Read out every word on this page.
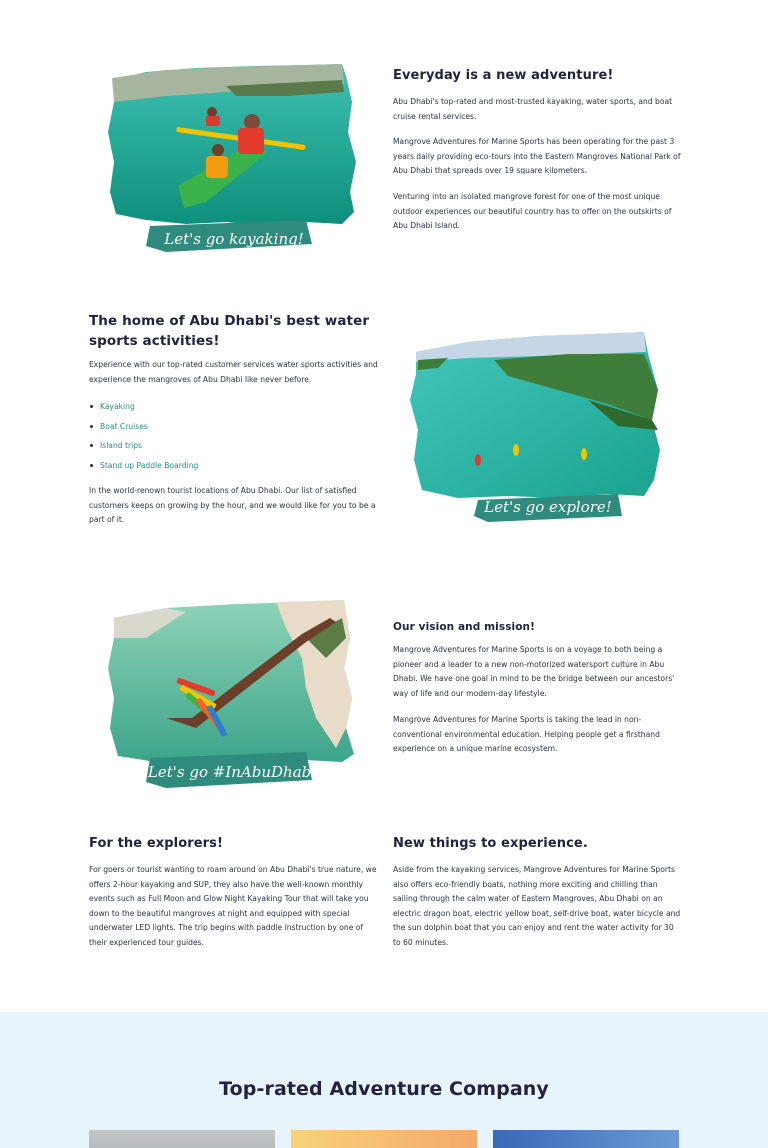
Let's go kayaking!
Everyday is a new adventure!

Abu Dhabi's top-rated and most-trusted kayaking, water sports, and boat cruise rental services.

Mangrove Adventures for Marine Sports has been operating for the past 3 years daily providing eco-tours into the Eastern Mangroves National Park of Abu Dhabi that spreads over 19 square kilometers.

Venturing into an isolated mangrove forest for one of the most unique outdoor experiences our beautiful country has to offer on the outskirts of Abu Dhabi Island.

The home of Abu Dhabi's best water sports activities!

Experience with our top-rated customer services water sports activities and experience the mangroves of Abu Dhabi like never before.

Kayaking
Boat Cruises
Island trips
Stand up Paddle Boarding

In the world-renown tourist locations of Abu Dhabi. Our list of satisfied customers keeps on growing by the hour, and we would like for you to be a part of it.

Let's go explore!
Let's go #InAbuDhabi
Our vision and mission!

Mangrove Adventures for Marine Sports is on a voyage to both being a pioneer and a leader to a new non-motorized watersport culture in Abu Dhabi. We have one goal in mind to be the bridge between our ancestors' way of life and our modern-day lifestyle.

Mangrove Adventures for Marine Sports is taking the lead in non-conventional environmental education. Helping people get a firsthand experience on a unique marine ecosystem.

For the explorers!

For goers or tourist wanting to roam around on Abu Dhabi's true nature, we offers 2-hour kayaking and SUP, they also have the well-known monthly events such as Full Moon and Glow Night Kayaking Tour that will take you down to the beautiful mangroves at night and equipped with special underwater LED lights. The trip begins with paddle instruction by one of their experienced tour guides.

New things to experience.

Aside from the kayaking services, Mangrove Adventures for Marine Sports also offers eco-friendly boats, nothing more exciting and chilling than sailing through the calm water of Eastern Mangroves, Abu Dhabi on an electric dragon boat, electric yellow boat, self-drive boat, water bicycle and the sun dolphin boat that you can enjoy and rent the water activity for 30 to 60 minutes.

Top-rated Adventure Company
